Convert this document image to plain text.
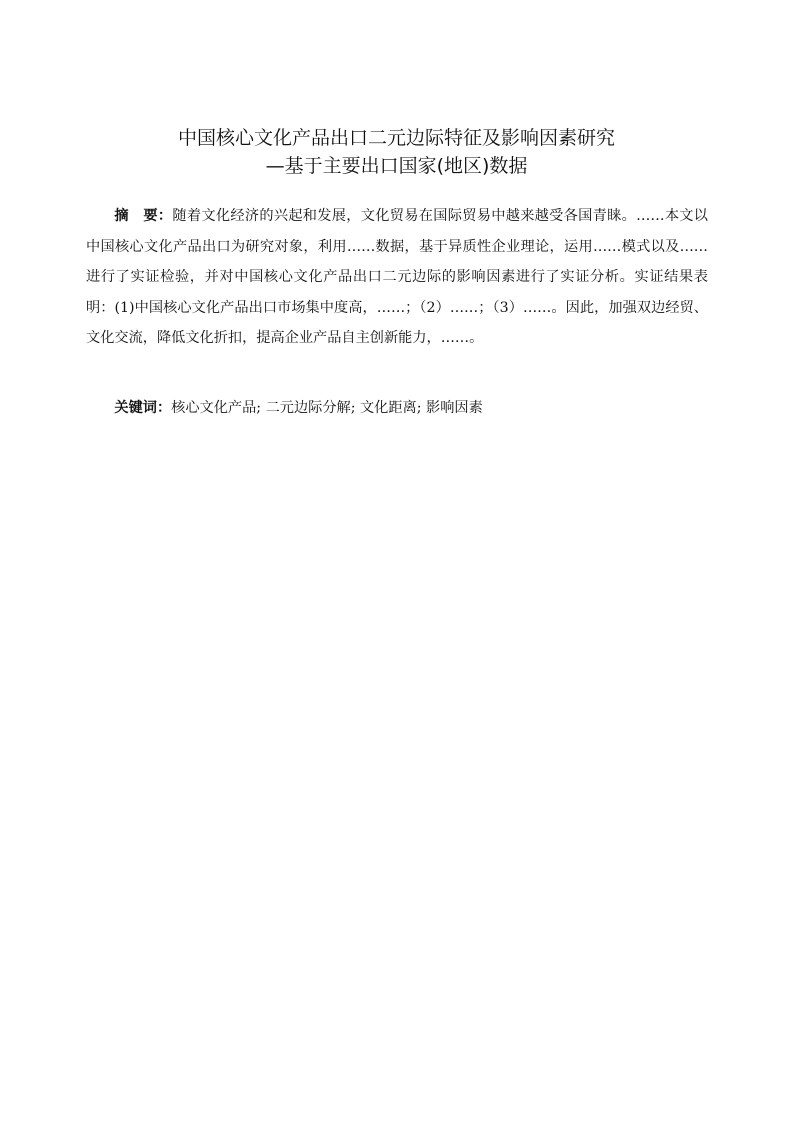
中国核心文化产品出口二元边际特征及影响因素研究
—基于主要出口国家(地区)数据

摘　要：随着文化经济的兴起和发展，文化贸易在国际贸易中越来越受各国青睐。……本文以中国核心文化产品出口为研究对象，利用……数据，基于异质性企业理论，运用……模式以及……进行了实证检验，并对中国核心文化产品出口二元边际的影响因素进行了实证分析。实证结果表明：(1)中国核心文化产品出口市场集中度高，……；（2）……；（3）……。因此，加强双边经贸、文化交流，降低文化折扣，提高企业产品自主创新能力，……。

关键词：核心文化产品; 二元边际分解; 文化距离; 影响因素
